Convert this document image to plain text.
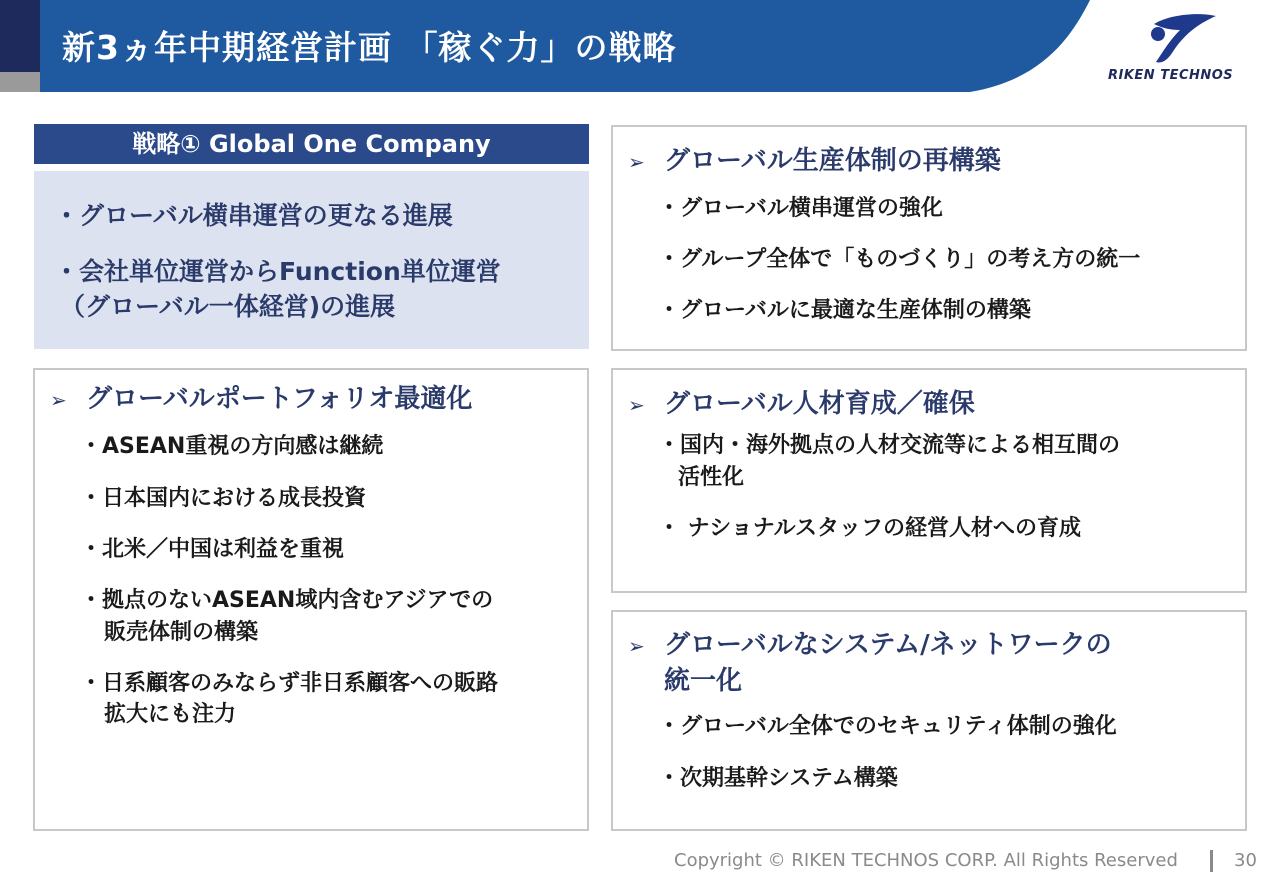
新3ヵ年中期経営計画 「稼ぐ力」の戦略
RIKEN TECHNOS
戦略① Global One Company
・グローバル横串運営の更なる進展
・会社単位運営からFunction単位運営
（グローバル一体経営)の進展
➢ グローバル生産体制の再構築
・グローバル横串運営の強化
・グループ全体で「ものづくり」の考え方の統一
・グローバルに最適な生産体制の構築
➢ グローバルポートフォリオ最適化
・ASEAN重視の方向感は継続
・日本国内における成長投資
・北米／中国は利益を重視
・拠点のないASEAN域内含むアジアでの
販売体制の構築
・日系顧客のみならず非日系顧客への販路
拡大にも注力
➢ グローバル人材育成／確保
・国内・海外拠点の人材交流等による相互間の
活性化
・ ナショナルスタッフの経営人材への育成
➢ グローバルなシステム/ネットワークの
統一化
・グローバル全体でのセキュリティ体制の強化
・次期基幹システム構築
Copyright © RIKEN TECHNOS CORP. All Rights Reserved	30
